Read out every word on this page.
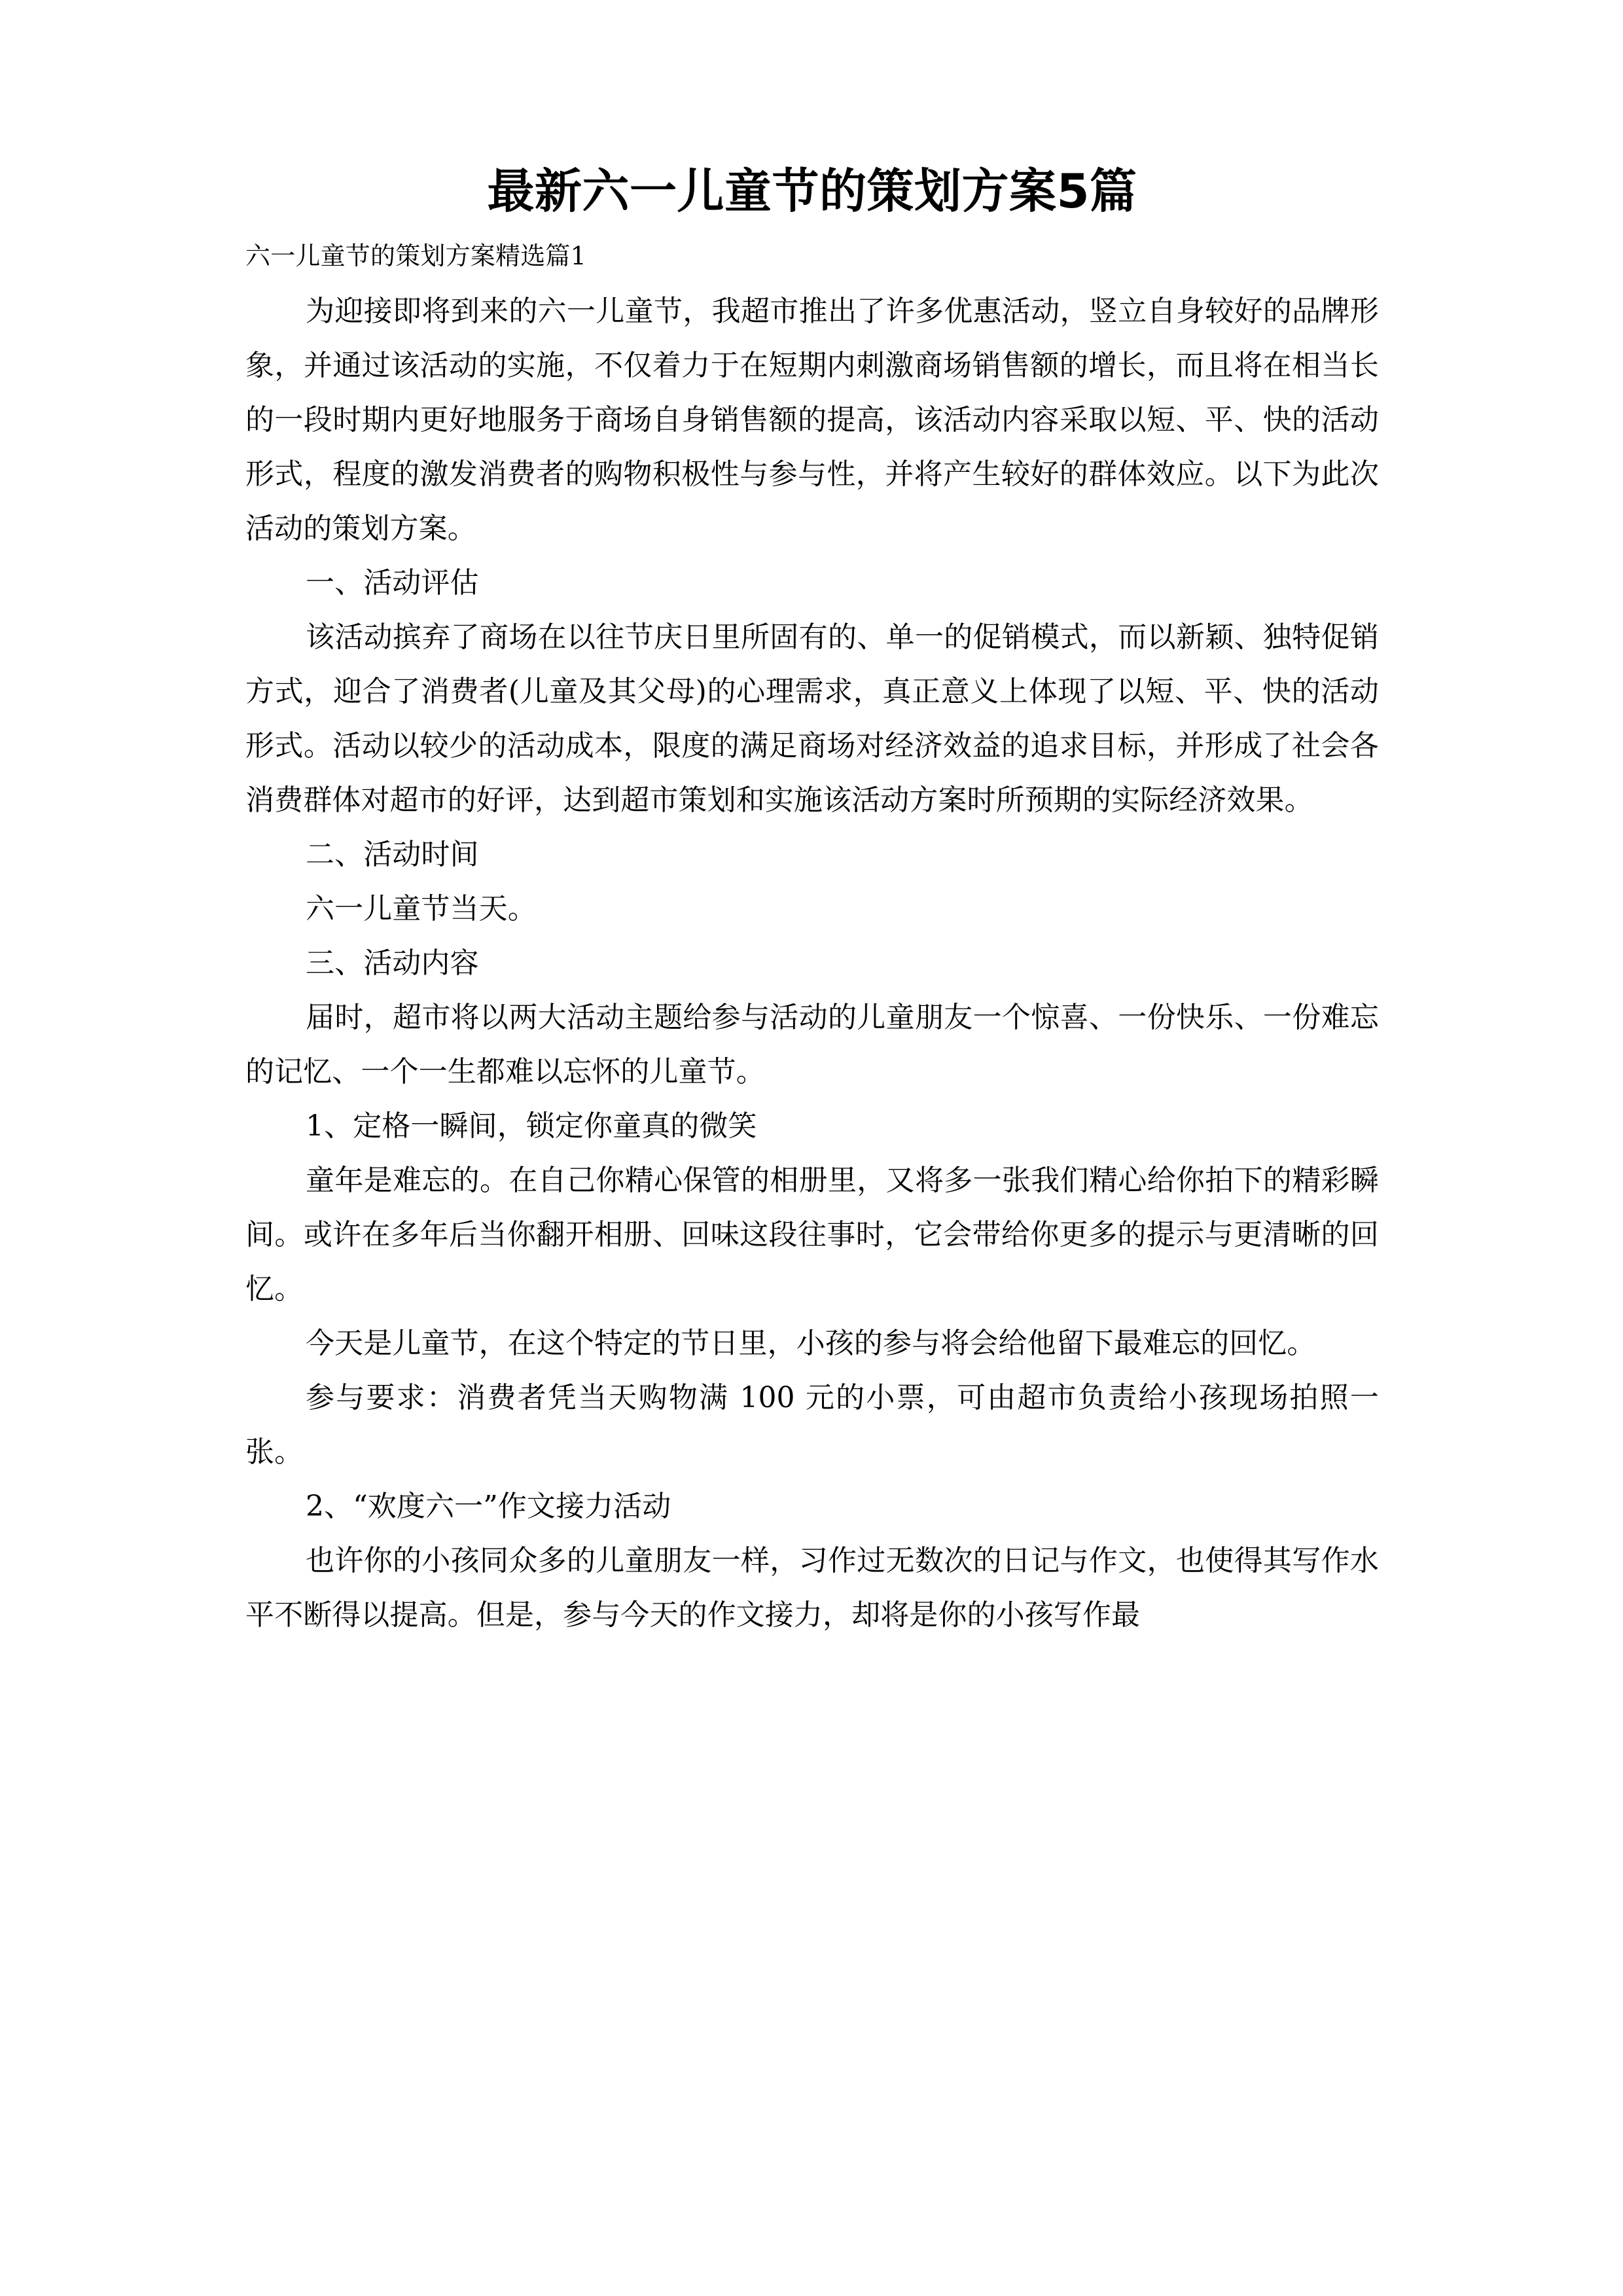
最新六一儿童节的策划方案5篇

六一儿童节的策划方案精选篇1

为迎接即将到来的六一儿童节，我超市推出了许多优惠活动，竖立自身较好的品牌形象，并通过该活动的实施，不仅着力于在短期内刺激商场销售额的增长，而且将在相当长的一段时期内更好地服务于商场自身销售额的提高，该活动内容采取以短、平、快的活动形式，程度的激发消费者的购物积极性与参与性，并将产生较好的群体效应。以下为此次活动的策划方案。

一、活动评估

该活动摈弃了商场在以往节庆日里所固有的、单一的促销模式，而以新颖、独特促销方式，迎合了消费者(儿童及其父母)的心理需求，真正意义上体现了以短、平、快的活动形式。活动以较少的活动成本，限度的满足商场对经济效益的追求目标，并形成了社会各消费群体对超市的好评，达到超市策划和实施该活动方案时所预期的实际经济效果。

二、活动时间

六一儿童节当天。

三、活动内容

届时，超市将以两大活动主题给参与活动的儿童朋友一个惊喜、一份快乐、一份难忘的记忆、一个一生都难以忘怀的儿童节。

1、定格一瞬间，锁定你童真的微笑

童年是难忘的。在自己你精心保管的相册里，又将多一张我们精心给你拍下的精彩瞬间。或许在多年后当你翻开相册、回味这段往事时，它会带给你更多的提示与更清晰的回忆。

今天是儿童节，在这个特定的节日里，小孩的参与将会给他留下最难忘的回忆。

参与要求：消费者凭当天购物满 100 元的小票，可由超市负责给小孩现场拍照一张。

2、“欢度六一”作文接力活动

也许你的小孩同众多的儿童朋友一样，习作过无数次的日记与作文，也使得其写作水平不断得以提高。但是，参与今天的作文接力，却将是你的小孩写作最
